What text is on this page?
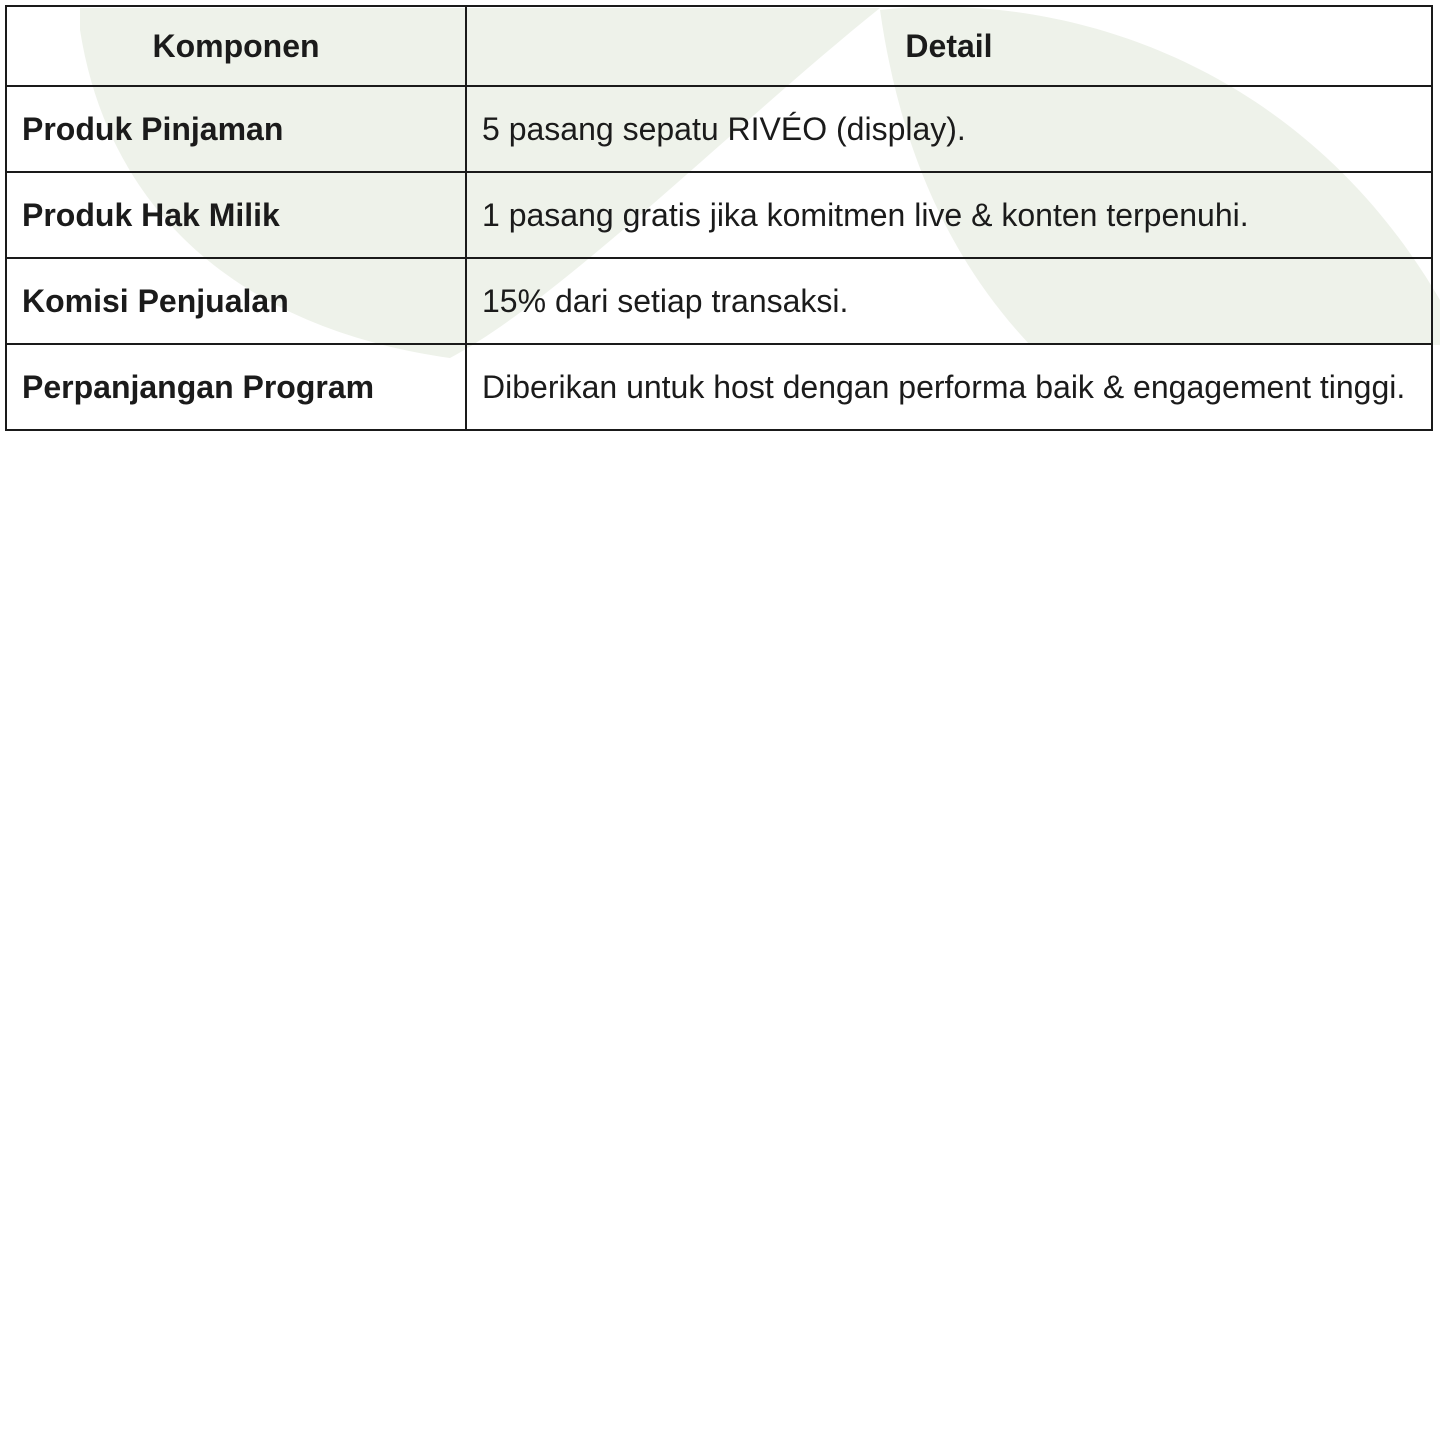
Komponen	Detail
Produk Pinjaman	5 pasang sepatu RIVÉO (display).
Produk Hak Milik	1 pasang gratis jika komitmen live & konten terpenuhi.
Komisi Penjualan	15% dari setiap transaksi.
Perpanjangan Program	Diberikan untuk host dengan performa baik & engagement tinggi.
